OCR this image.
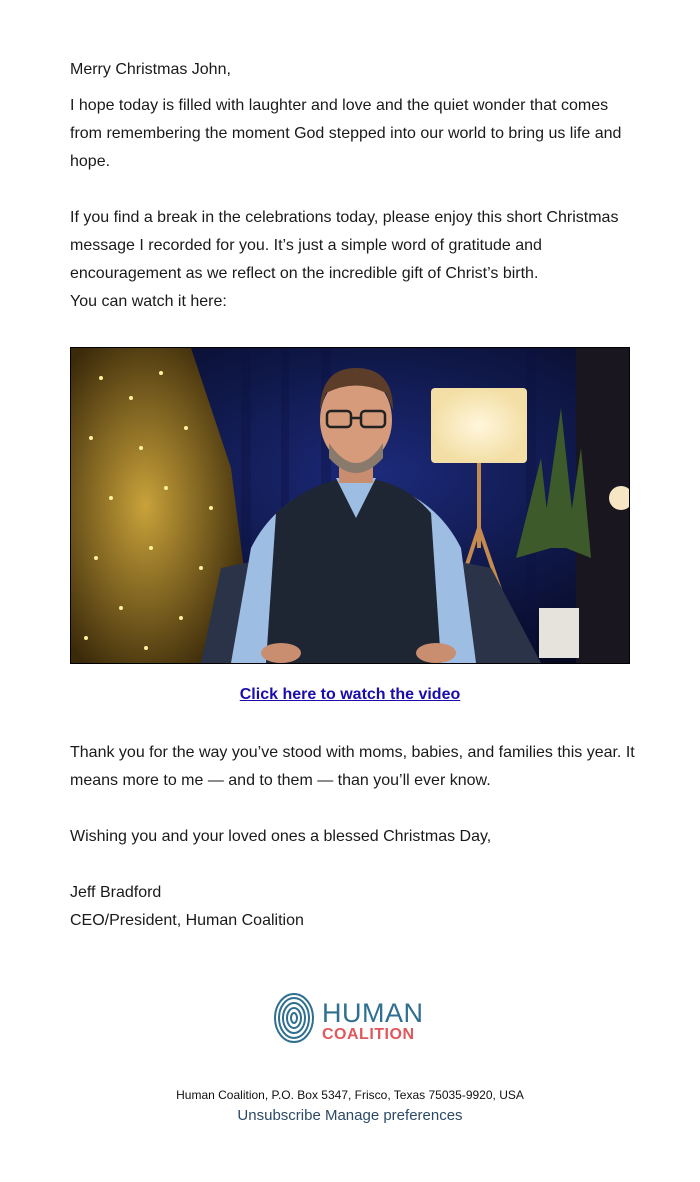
Merry Christmas John,

I hope today is filled with laughter and love and the quiet wonder that comes from remembering the moment God stepped into our world to bring us life and hope.

If you find a break in the celebrations today, please enjoy this short Christmas message I recorded for you. It’s just a simple word of gratitude and encouragement as we reflect on the incredible gift of Christ’s birth.

You can watch it here:

Click here to watch the video

Thank you for the way you’ve stood with moms, babies, and families this year. It means more to me — and to them — than you’ll ever know.

Wishing you and your loved ones a blessed Christmas Day,

Jeff Bradford

CEO/President, Human Coalition

HUMAN
COALITION
Human Coalition, P.O. Box 5347, Frisco, Texas 75035-9920, USA
Unsubscribe Manage preferences
